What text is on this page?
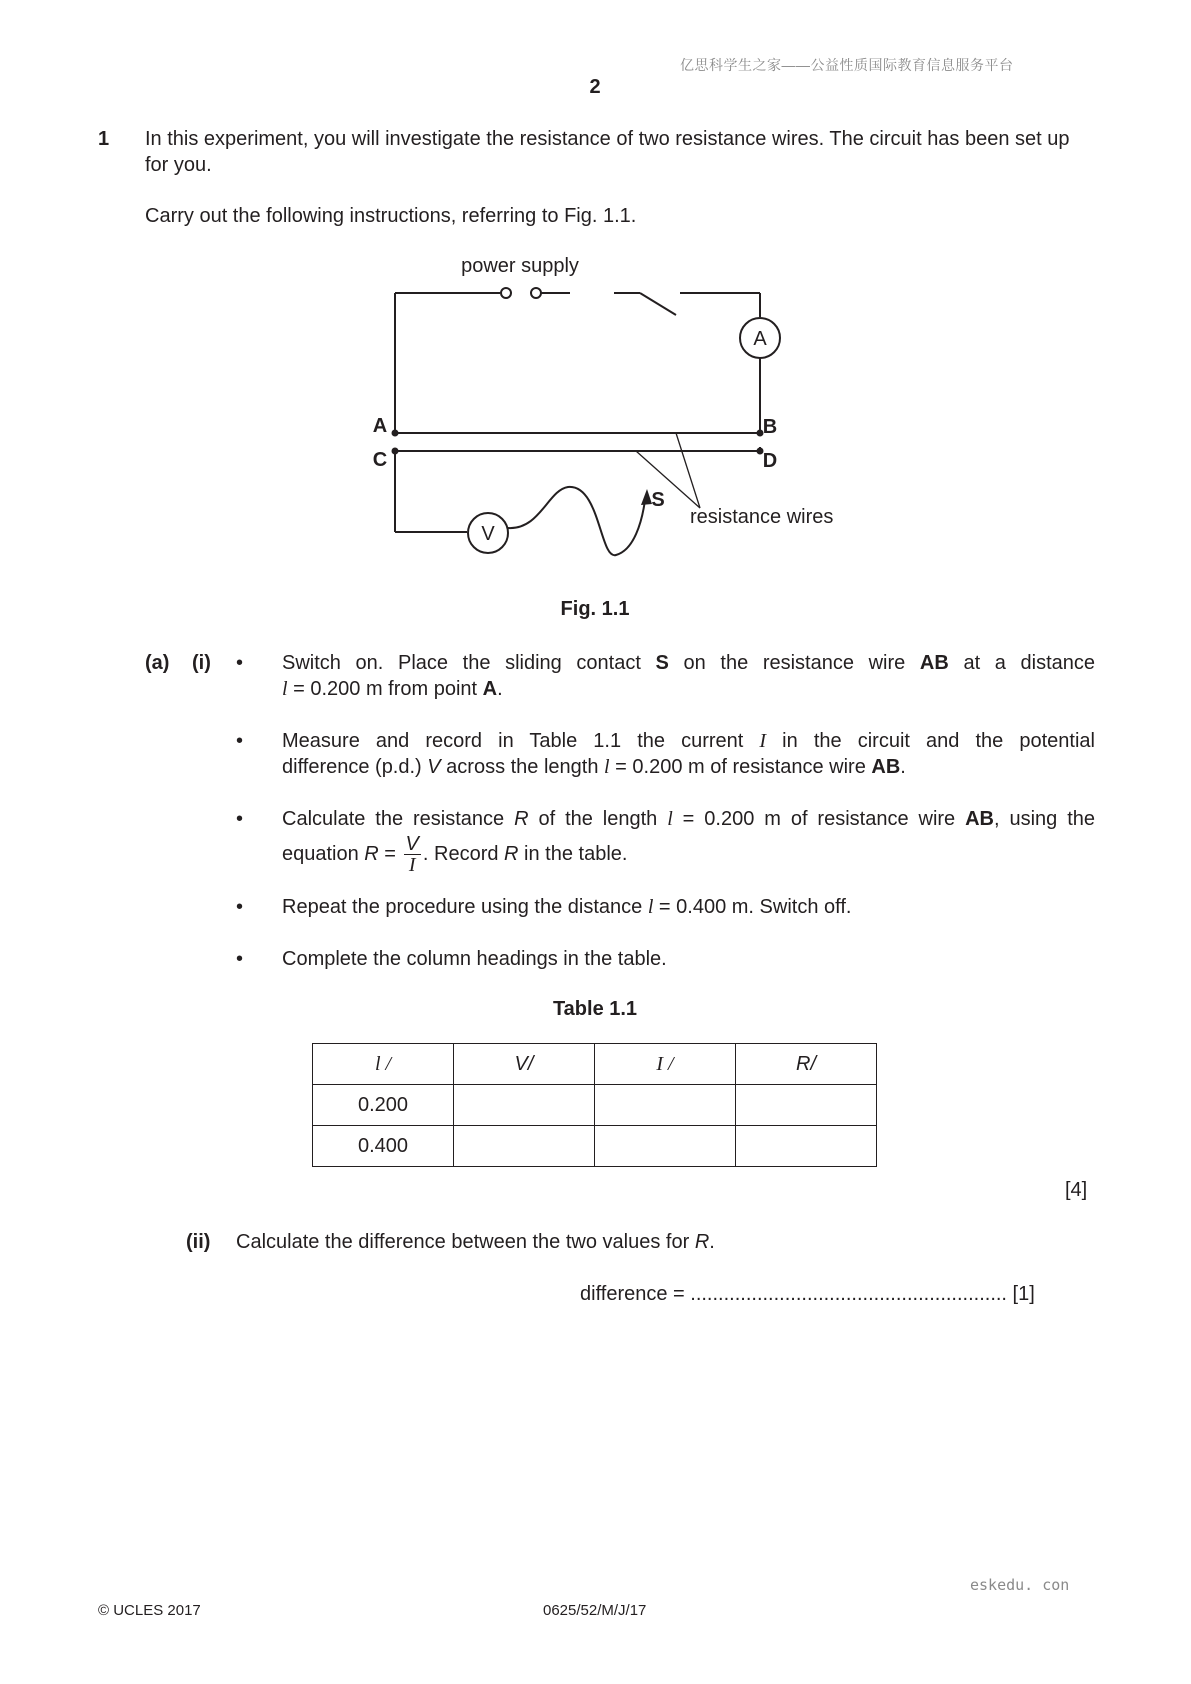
亿思科学生之家——公益性质国际教育信息服务平台
2
1 In this experiment, you will investigate the resistance of two resistance wires. The circuit has been set up for you.
Carry out the following instructions, referring to Fig. 1.1.
power supply
A
V
A	B
C	D
S
resistance wires
Fig. 1.1
(a) (i) • Switch on. Place the sliding contact S on the resistance wire AB at a distance
l = 0.200 m from point A.
• Measure and record in Table 1.1 the current I in the circuit and the potential
difference (p.d.) V across the length l = 0.200 m of resistance wire AB.
• Calculate the resistance R of the length l = 0.200 m of resistance wire AB, using the
equation $R = \frac{V}{I}$ . Record R in the table.
• Repeat the procedure using the distance l = 0.400 m. Switch off.
• Complete the column headings in the table.
Table 1.1
l /	V/	I /	R/
0.200			
0.400			
[4]
(ii) Calculate the difference between the two values for R.
difference = ......................................................... [1]
eskedu. con
© UCLES 2017	0625/52/M/J/17
